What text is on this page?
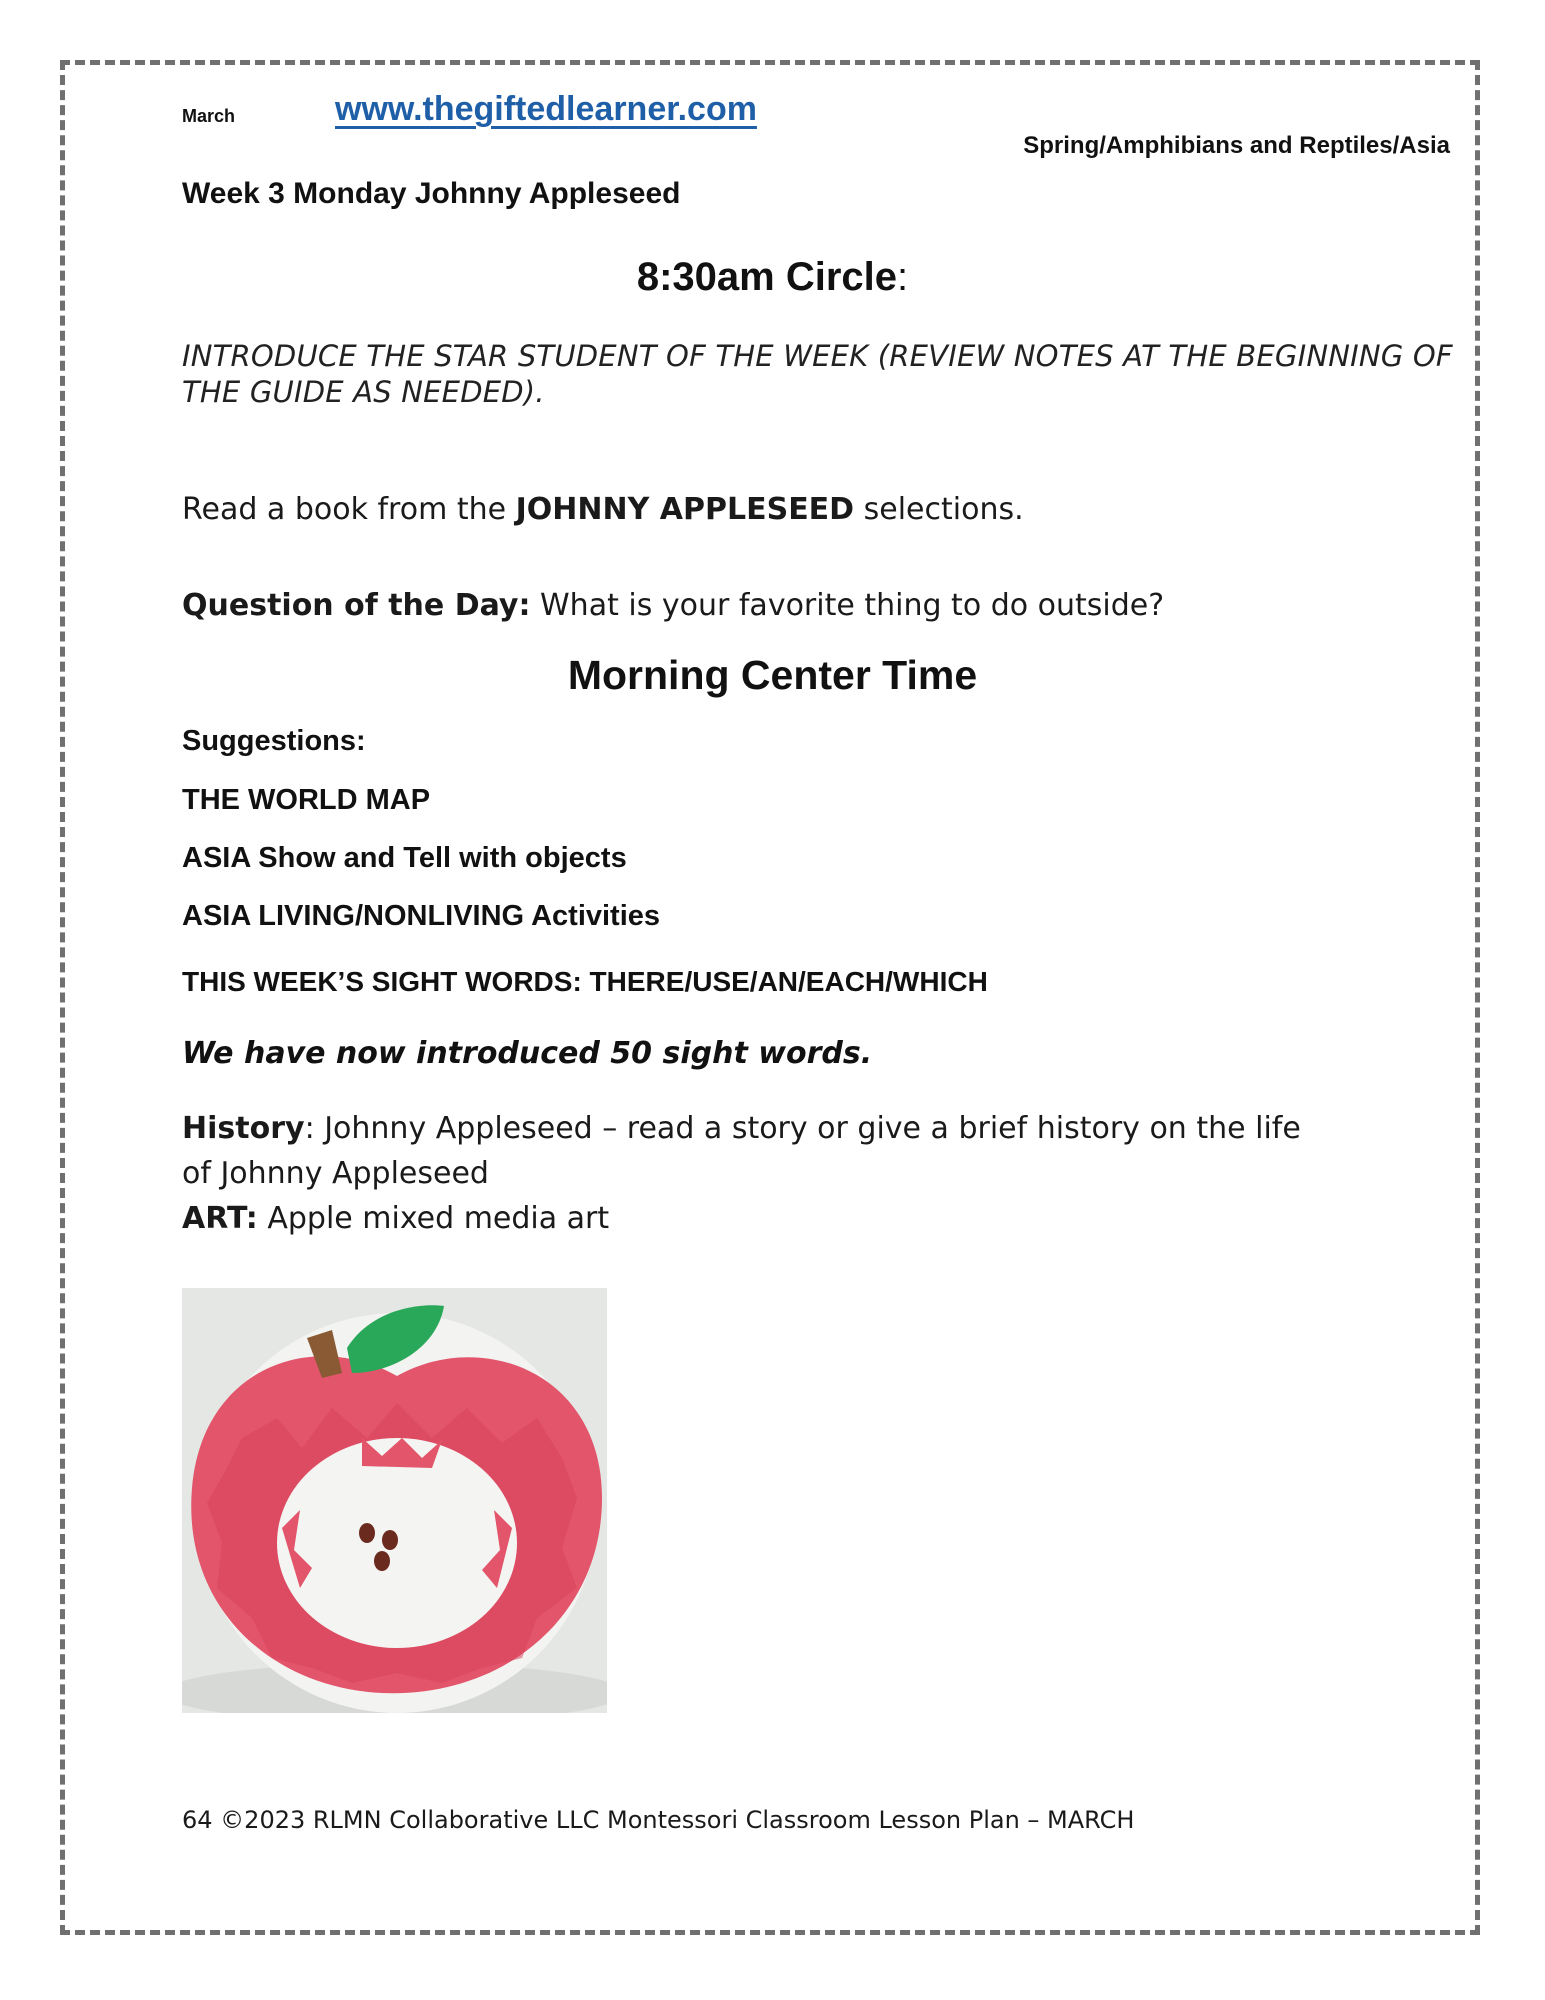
March	www.thegiftedlearner.com
Spring/Amphibians and Reptiles/Asia
Week 3 Monday Johnny Appleseed
8:30am Circle:
INTRODUCE THE STAR STUDENT OF THE WEEK (REVIEW NOTES AT THE BEGINNING OF THE GUIDE AS NEEDED).
Read a book from the JOHNNY APPLESEED selections.
Question of the Day: What is your favorite thing to do outside?
Morning Center Time
Suggestions:
THE WORLD MAP
ASIA Show and Tell with objects
ASIA LIVING/NONLIVING Activities
THIS WEEK’S SIGHT WORDS: THERE/USE/AN/EACH/WHICH
We have now introduced 50 sight words.
History: Johnny Appleseed – read a story or give a brief history on the life of Johnny Appleseed
ART: Apple mixed media art
64 ©2023 RLMN Collaborative LLC Montessori Classroom Lesson Plan – MARCH
